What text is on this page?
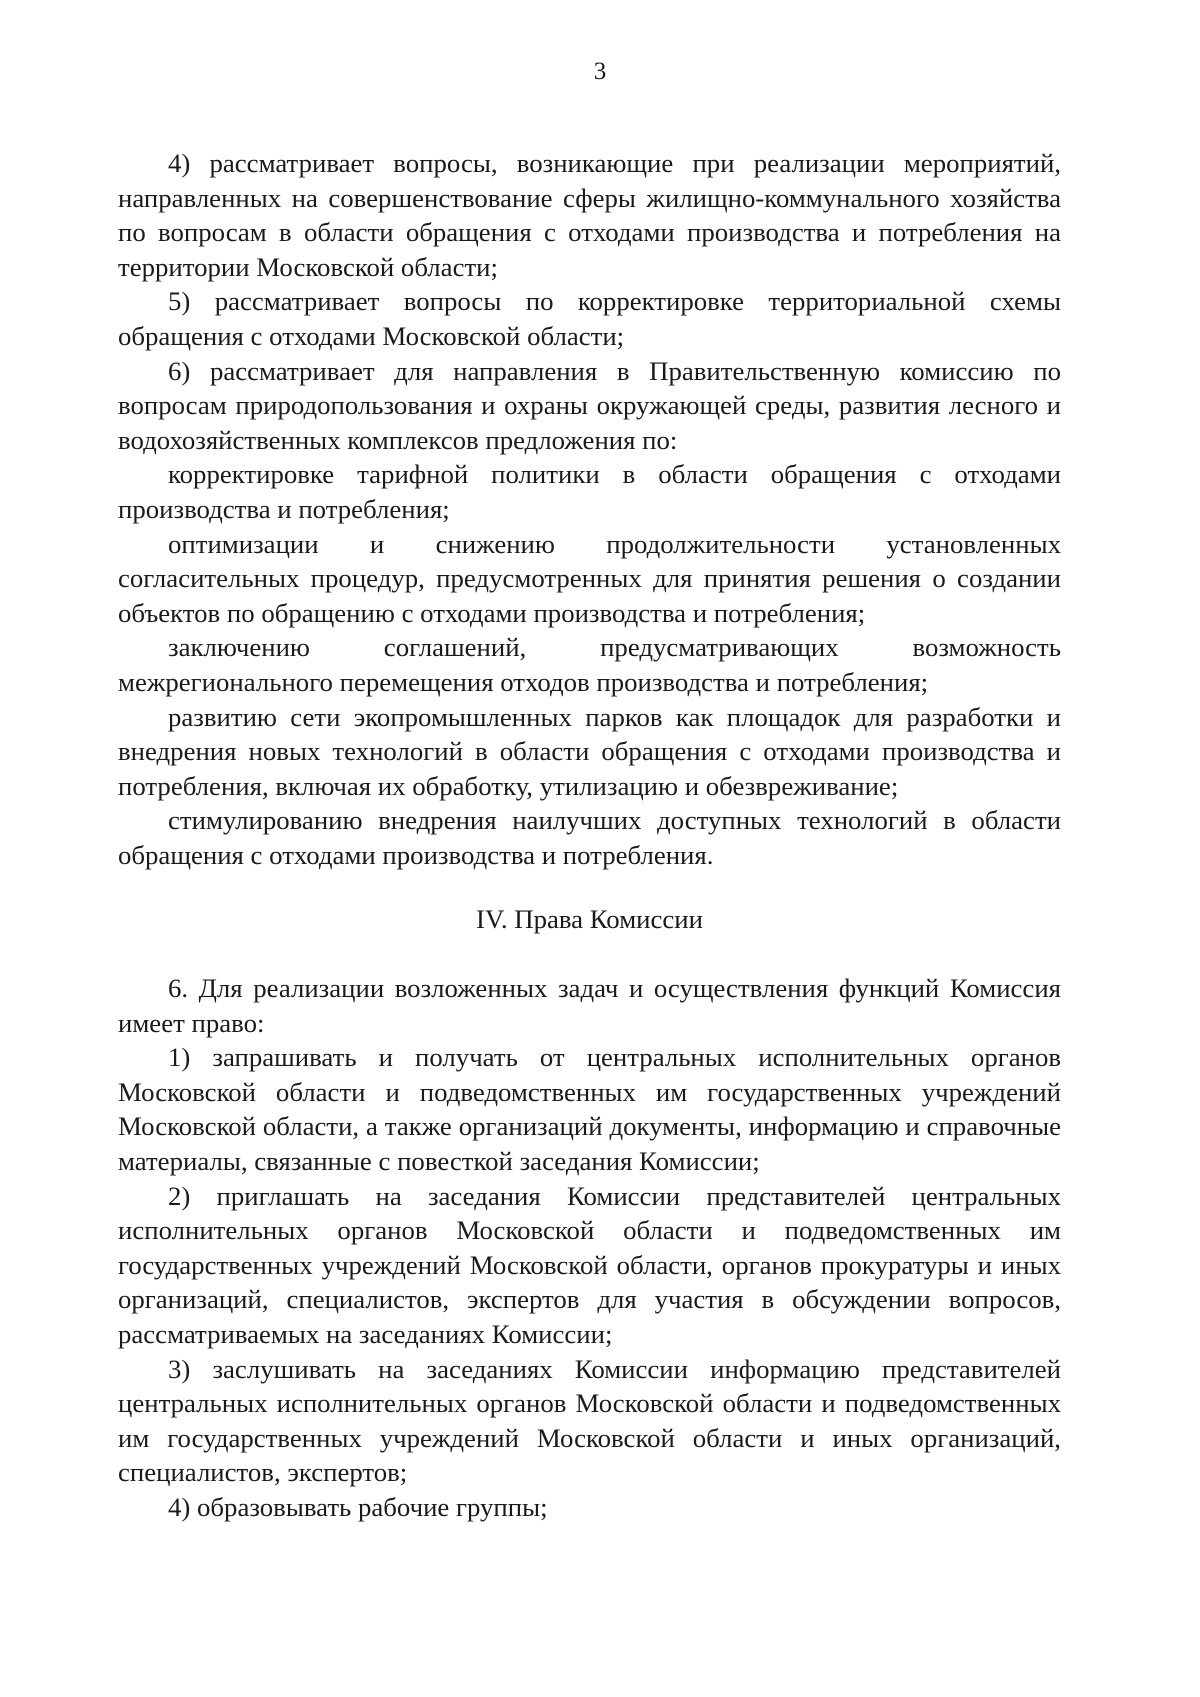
3

4) рассматривает вопросы, возникающие при реализации мероприятий, направленных на совершенствование сферы жилищно-коммунального хозяйства по вопросам в области обращения с отходами производства и потребления на территории Московской области;

5) рассматривает вопросы по корректировке территориальной схемы обращения с отходами Московской области;

6) рассматривает для направления в Правительственную комиссию по вопросам природопользования и охраны окружающей среды, развития лесного и водохозяйственных комплексов предложения по:

корректировке тарифной политики в области обращения с отходами производства и потребления;

оптимизации и снижению продолжительности установленных согласительных процедур, предусмотренных для принятия решения о создании объектов по обращению с отходами производства и потребления;

заключению соглашений, предусматривающих возможность межрегионального перемещения отходов производства и потребления;

развитию сети экопромышленных парков как площадок для разработки и внедрения новых технологий в области обращения с отходами производства и потребления, включая их обработку, утилизацию и обезвреживание;

стимулированию внедрения наилучших доступных технологий в области обращения с отходами производства и потребления.

IV. Права Комиссии

6. Для реализации возложенных задач и осуществления функций Комиссия имеет право:

1) запрашивать и получать от центральных исполнительных органов Московской области и подведомственных им государственных учреждений Московской области, а также организаций документы, информацию и справочные материалы, связанные с повесткой заседания Комиссии;

2) приглашать на заседания Комиссии представителей центральных исполнительных органов Московской области и подведомственных им государственных учреждений Московской области, органов прокуратуры и иных организаций, специалистов, экспертов для участия в обсуждении вопросов, рассматриваемых на заседаниях Комиссии;

3) заслушивать на заседаниях Комиссии информацию представителей центральных исполнительных органов Московской области и подведомственных им государственных учреждений Московской области и иных организаций, специалистов, экспертов;

4) образовывать рабочие группы;
